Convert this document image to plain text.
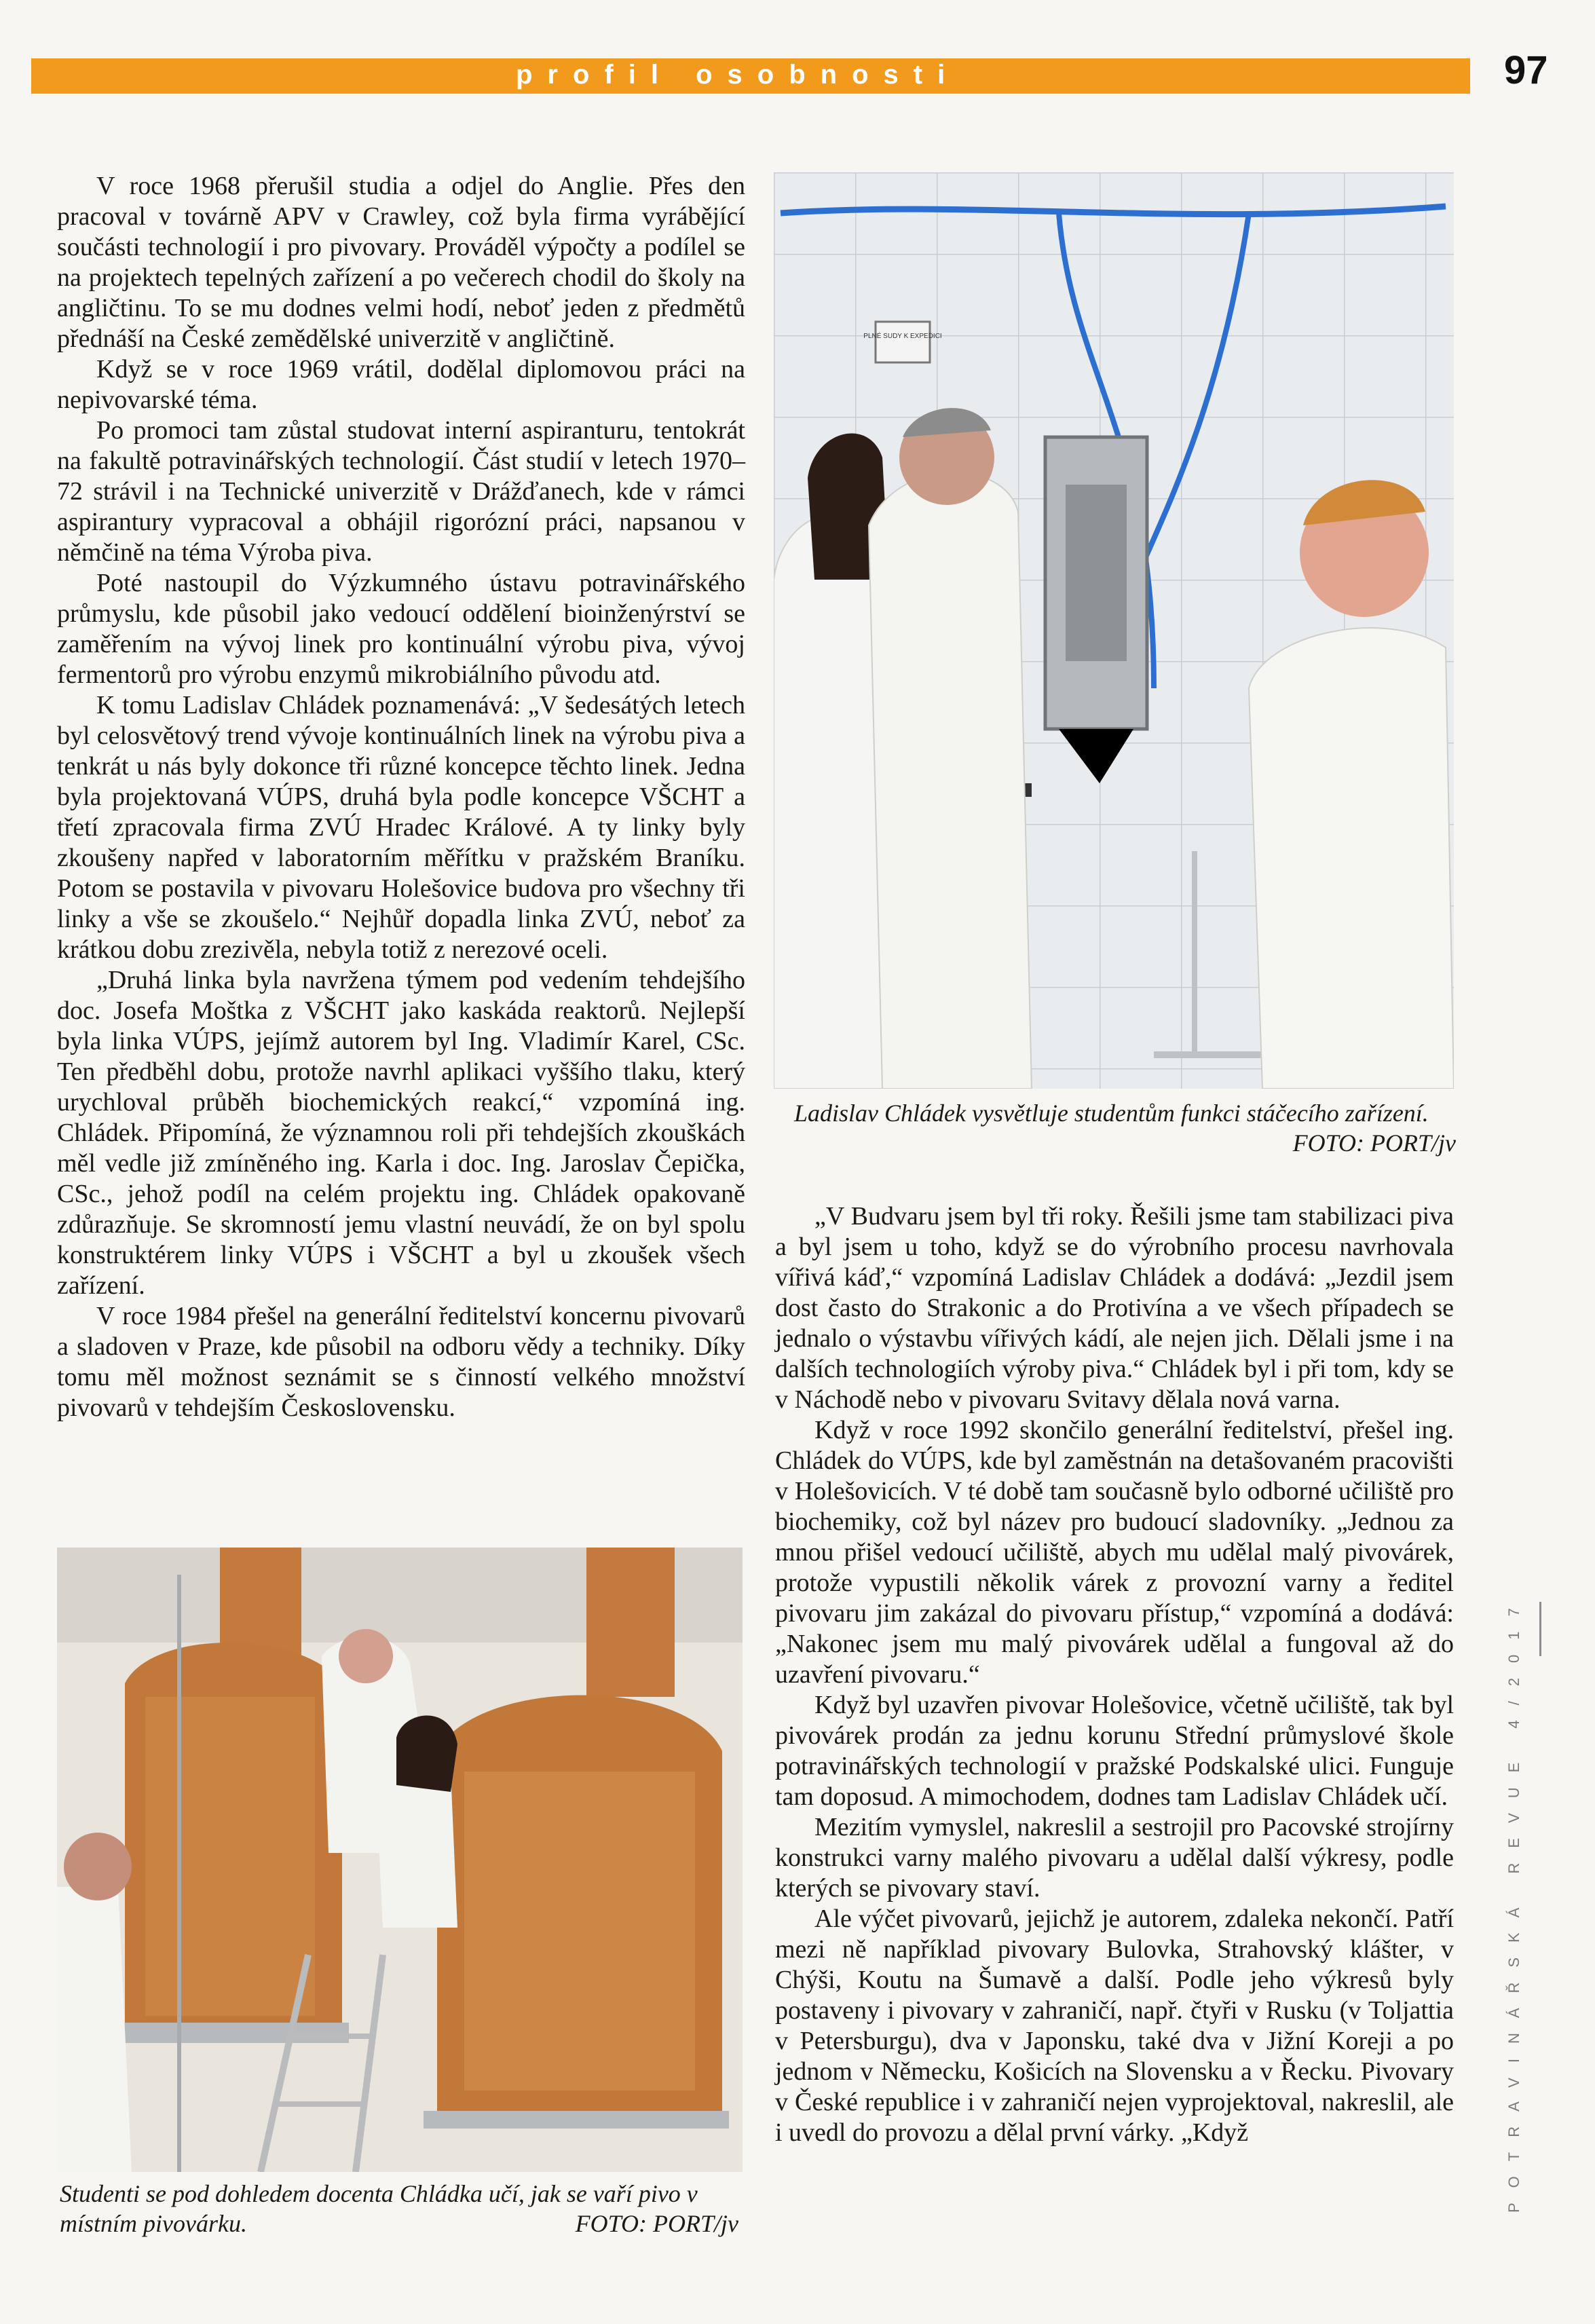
profil osobnosti	97

V roce 1968 přerušil studia a odjel do Anglie. Přes den pracoval v továrně APV v Crawley, což byla firma vyrábějící součásti technologií i pro pivovary. Prováděl výpočty a podílel se na projektech tepelných zařízení a po večerech chodil do školy na angličtinu. To se mu dodnes velmi hodí, neboť jeden z předmětů přednáší na České zemědělské univerzitě v angličtině.

Když se v roce 1969 vrátil, dodělal diplomovou práci na nepivovarské téma.

Po promoci tam zůstal studovat interní aspiranturu, tentokrát na fakultě potravinářských technologií. Část studií v letech 1970–72 strávil i na Technické univerzitě v Drážďanech, kde v rámci aspirantury vypracoval a obhájil rigorózní práci, napsanou v němčině na téma Výroba piva.

Poté nastoupil do Výzkumného ústavu potravinářského průmyslu, kde působil jako vedoucí oddělení bioinženýrství se zaměřením na vývoj linek pro kontinuální výrobu piva, vývoj fermentorů pro výrobu enzymů mikrobiálního původu atd.

K tomu Ladislav Chládek poznamenává: „V šedesátých letech byl celosvětový trend vývoje kontinuálních linek na výrobu piva a tenkrát u nás byly dokonce tři různé koncepce těchto linek. Jedna byla projektovaná VÚPS, druhá byla podle koncepce VŠCHT a třetí zpracovala firma ZVÚ Hradec Králové. A ty linky byly zkoušeny napřed v laboratorním měřítku v pražském Braníku. Potom se postavila v pivovaru Holešovice budova pro všechny tři linky a vše se zkoušelo.“ Nejhůř dopadla linka ZVÚ, neboť za krátkou dobu zrezivěla, nebyla totiž z nerezové oceli.

„Druhá linka byla navržena týmem pod vedením tehdejšího doc. Josefa Moštka z VŠCHT jako kaskáda reaktorů. Nejlepší byla linka VÚPS, jejímž autorem byl Ing. Vladimír Karel, CSc. Ten předběhl dobu, protože navrhl aplikaci vyššího tlaku, který urychloval průběh biochemických reakcí,“ vzpomíná ing. Chládek. Připomíná, že významnou roli při tehdejších zkouškách měl vedle již zmíněného ing. Karla i doc. Ing. Jaroslav Čepička, CSc., jehož podíl na celém projektu ing. Chládek opakovaně zdůrazňuje. Se skromností jemu vlastní neuvádí, že on byl spolu konstruktérem linky VÚPS i VŠCHT a byl u zkoušek všech zařízení.

V roce 1984 přešel na generální ředitelství koncernu pivovarů a sladoven v Praze, kde působil na odboru vědy a techniky. Díky tomu měl možnost seznámit se s činností velkého množství pivovarů v tehdejším Československu.

PLNÉ SUDY K EXPEDICI
Ladislav Chládek vysvětluje studentům funkci stáčecího zařízení.
FOTO: PORT/jv

„V Budvaru jsem byl tři roky. Řešili jsme tam stabilizaci piva a byl jsem u toho, když se do výrobního procesu navrhovala vířivá káď,“ vzpomíná Ladislav Chládek a dodává: „Jezdil jsem dost často do Strakonic a do Protivína a ve všech případech se jednalo o výstavbu vířivých kádí, ale nejen jich. Dělali jsme i na dalších technologiích výroby piva.“ Chládek byl i při tom, kdy se v Náchodě nebo v pivovaru Svitavy dělala nová varna.

Když v roce 1992 skončilo generální ředitelství, přešel ing. Chládek do VÚPS, kde byl zaměstnán na detašovaném pracovišti v Holešovicích. V té době tam současně bylo odborné učiliště pro biochemiky, což byl název pro budoucí sladovníky. „Jednou za mnou přišel vedoucí učiliště, abych mu udělal malý pivovárek, protože vypustili několik várek z provozní varny a ředitel pivovaru jim zakázal do pivovaru přístup,“ vzpomíná a dodává: „Nakonec jsem mu malý pivovárek udělal a fungoval až do uzavření pivovaru.“

Když byl uzavřen pivovar Holešovice, včetně učiliště, tak byl pivovárek prodán za jednu korunu Střední průmyslové škole potravinářských technologií v pražské Podskalské ulici. Funguje tam doposud. A mimochodem, dodnes tam Ladislav Chládek učí.

Mezitím vymyslel, nakreslil a sestrojil pro Pacovské strojírny konstrukci varny malého pivovaru a udělal další výkresy, podle kterých se pivovary staví.

Ale výčet pivovarů, jejichž je autorem, zdaleka nekončí. Patří mezi ně například pivovary Bulovka, Strahovský klášter, v Chýši, Koutu na Šumavě a další. Podle jeho výkresů byly postaveny i pivovary v zahraničí, např. čtyři v Rusku (v Toljattia v Petersburgu), dva v Japonsku, také dva v Jižní Koreji a po jednom v Německu, Košicích na Slovensku a v Řecku. Pivovary v České republice i v zahraničí nejen vyprojektoval, nakreslil, ale i uvedl do provozu a dělal první várky. „Když

Studenti se pod dohledem docenta Chládka učí, jak se vaří pivo v místním pivovárku.	FOTO: PORT/jv
POTRAVINÁŘSKÁ REVUE 4/2017
